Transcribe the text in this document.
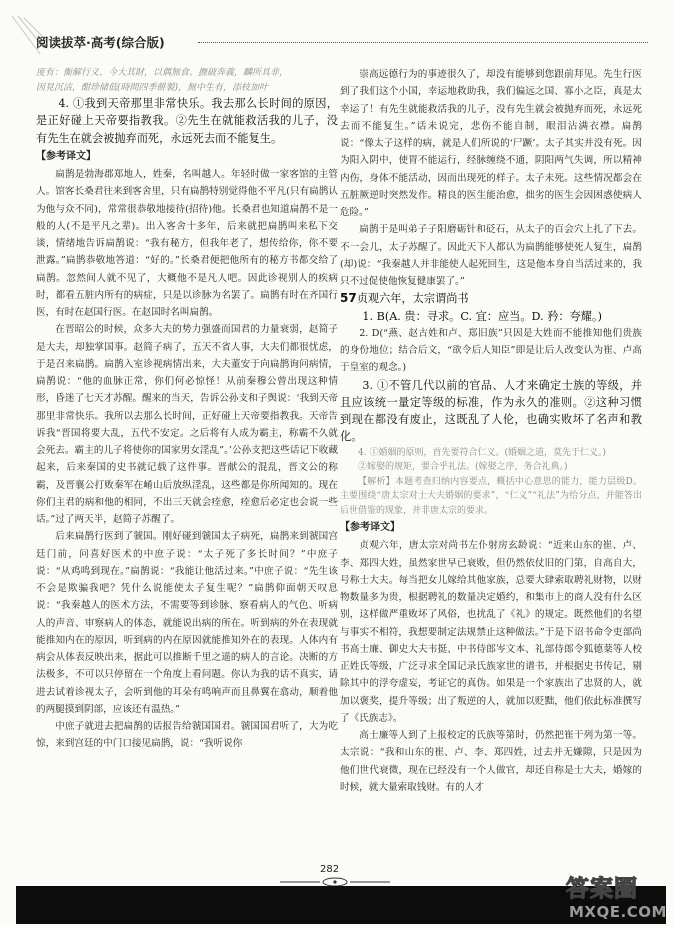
阅读拔萃·高考(综合版)

度有：衡解行义、今大其財，以偶無食、撫破奔義，麟所具非，

因見沉洁，酣珍储低(時問四季餅製)，無中生有，添枝加叶

4. ①我到天帝那里非常快乐。我去那么长时间的原因，是正好碰上天帝要指教我。②先生在就能救活我的儿子，没有先生在就会被抛弃而死，永远死去而不能复生。

【参考译文】

扁鹊是勃海郡郑地人，姓秦，名叫越人。年轻时做一家客馆的主管人。馆客长桑君往来到客舍里，只有扁鹊特别觉得他不平凡(只有扁鹊认为他与众不同)，常常很恭敬地接待(招待)他。长桑君也知道扁鹊不是一般的人(不是平凡之辈)。出入客舍十多年，后来就把扁鹊叫来私下交谈，情绪地告诉扁鹊说：“我有秘方，但我年老了，想传给你，你不要泄露。”扁鹊恭敬地答道：“好的。”长桑君便把他所有的秘方书都交给了扁鹊。忽然间人就不见了，大概他不是凡人吧。因此诊视别人的疾病时，都看五脏内所有的病症，只是以诊脉为名罢了。扁鹊有时在齐国行医，有时在赵国行医。在赵国时名叫扁鹊。

在晋昭公的时候，众多大夫的势力强盛而国君的力量衰弱，赵简子是大夫，却独掌国事。赵简子病了，五天不省人事，大夫们都很忧虑，于是召来扁鹊。扁鹊入室诊视病情出来，大夫董安于向扁鹊询问病情，扁鹊说：“他的血脉正常，你们何必惊怪！从前秦穆公曾出现这种情形，昏迷了七天才苏醒。醒来的当天，告诉公孙支和子舆说：‘我到天帝那里非常快乐。我所以去那么长时间，正好碰上天帝要指教我。天帝告诉我“晋国将要大乱，五代不安定。之后将有人成为霸主，称霸不久就会死去。霸主的儿子将使你的国家男女淫乱”。’公孙支把这些话记下收藏起来，后来秦国的史书就记载了这件事。晋献公的混乱，晋文公的称霸，及晋襄公打败秦军在崤山后放纵淫乱，这些都是你所闻知的。现在你们主君的病和他的相同，不出三天就会痊愈，痊愈后必定也会说一些话。”过了两天半，赵简子苏醒了。

后来扁鹊行医到了虢国。刚好碰到虢国太子病死，扁鹊来到虢国宫廷门前，问喜好医术的中庶子说：“太子死了多长时间？”中庶子说：“从鸡鸣到现在。”扁鹊说：“我能让他活过来。”中庶子说：“先生该不会是欺骗我吧？凭什么说能使太子复生呢？”扁鹊仰面朝天叹息说：“我秦越人的医术方法，不需要等到诊脉、察看病人的气色、听病人的声音、审察病人的体态，就能说出病的所在。听到病的外在表现就能推知内在的原因，听到病的内在原因就能推知外在的表现。人体内有病会从体表反映出来，据此可以推断千里之遥的病人的言论。决断的方法极多，不可以只停留在一个角度上看问题。你认为我的话不真实，请进去试着诊视太子，会听到他的耳朵有鸣响声而且鼻翼在翕动，顺着他的两腿摸到阴部，应该还有温热。”

中庶子就进去把扁鹊的话报告给虢国国君。虢国国君听了，大为吃惊，来到宫廷的中门口接见扁鹊，说：“我听说你

崇高远德行为的事迹很久了，却没有能够到您跟前拜见。先生行医到了我们这个小国，幸运地救助我，我们偏远之国、寡小之臣，真是太幸运了！有先生就能救活我的儿子，没有先生就会被抛弃而死，永远死去而不能复生。”话未说完，悲伤不能自制，眼泪沾满衣襟。扁鹊说：“像太子这样的病，就是人们所说的‘尸蹶’。太子其实并没有死。因为阳入阴中，使胃不能运行，经脉缠绕不通，阴阳两气失调，所以精神内伤，身体不能活动，因而出现死的样子。太子未死。这些情况都会在五脏厥逆时突然发作。精良的医生能治愈，拙劣的医生会因困惑使病人危险。”

扁鹊于是叫弟子子阳磨砺针和砭石，从太子的百会穴上扎了下去。不一会儿，太子苏醒了。因此天下人都认为扁鹊能够使死人复生，扁鹊(却)说：“我秦越人并非能使人起死回生，这是他本身自当活过来的，我只不过促使他恢复健康罢了。”

57贞观六年，太宗谓尚书

1. B(A. 贵：寻求。C. 宜：应当。D. 矜：夸耀。)

2. D(“燕、赵古姓和卢、郑旧族”只因是大姓而不能推知他们贵族的身份地位；结合后文，“欲令后人知臣”即是让后人改变认为崔、卢高于皇室的观念。)

3. ①不管几代以前的官品、人才来确定士族的等级，并且应该统一量定等级的标准，作为永久的准则。②这种习惯到现在都没有废止，这既乱了人伦，也确实败坏了名声和教化。

4. ①婚姻的原则，首先要符合仁义。(婚姻之道，莫先于仁义。)

②嫁娶的规矩，要合乎礼法。(嫁娶之序，务合礼典。)

【解析】本题考查归纳内容要点，概括中心意思的能力，能力层级D。主要围绕“唐太宗对士大夫婚姻的要求”，“仁义”“礼法”为给分点，并能答出后世借鉴的现象，并非唐太宗的要求。

【参考译文】

贞观六年，唐太宗对尚书左仆射房玄龄说：“近来山东的崔、卢、李、郑四大姓，虽然家世早已衰败，但仍然依仗旧的门第，自高自大，号称士大夫。每当把女儿嫁给其他家族，总要大肆索取聘礼财物，以财物数量多为贵，根据聘礼的数量决定婚约，和集市上的商人没有什么区别，这样做严重败坏了风俗，也扰乱了《礼》的规定。既然他们的名望与事实不相符，我想要制定法规禁止这种做法。”于是下诏书命令吏部尚书高士廉、御史大夫韦挺、中书侍郎岑文本、礼部侍郎令狐德棻等人校正姓氏等级，广泛寻求全国记录氏族家世的谱书，并根据史书传记，剔除其中的浮夸虚妄，考证它的真伪。如果是一个家族出了忠贤的人，就加以褒奖，提升等级；出了叛逆的人，就加以贬黜，他们依此标准撰写了《氏族志》。

高士廉等人到了上报校定的氏族等第时，仍然把崔干列为第一等。太宗说：“我和山东的崔、卢、李、郑四姓，过去并无嫌隙，只是因为他们世代衰微，现在已经没有一个人做官，却还自称是士大夫，婚嫁的时候，就大量索取钱财。有的人才

282
答案圈
MXQE.COM
